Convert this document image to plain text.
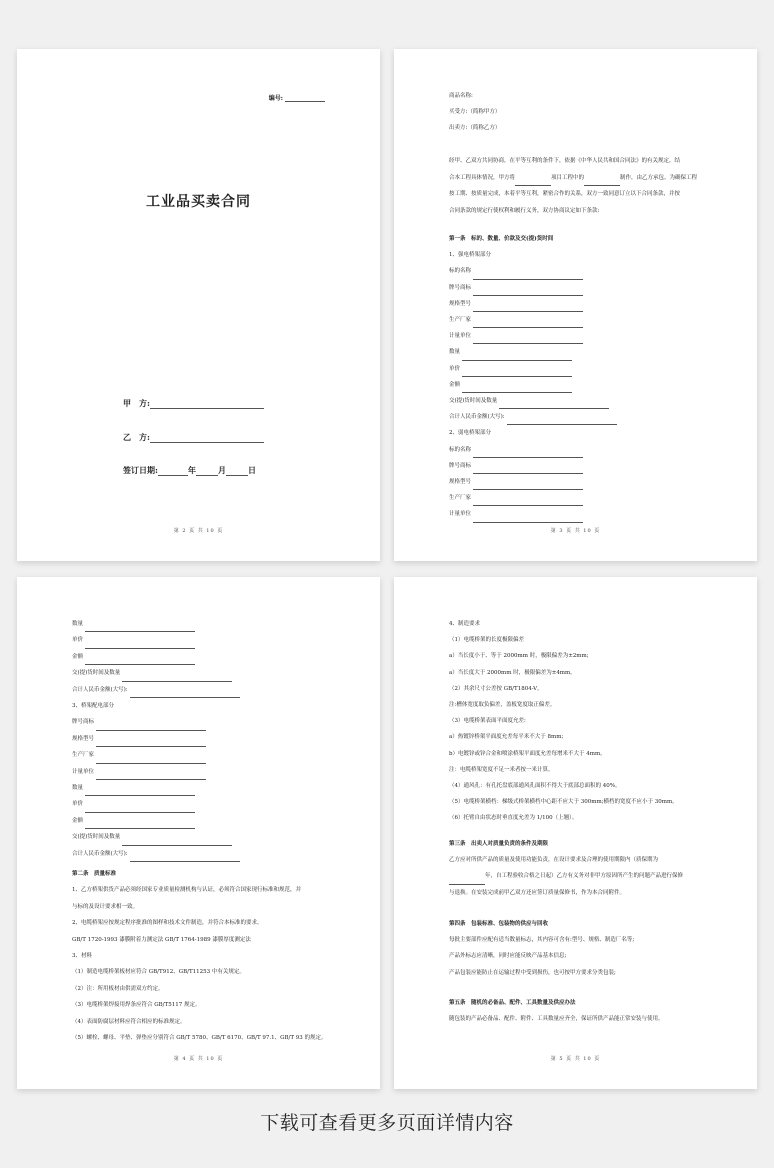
编号:
工业品买卖合同
甲　方:
乙　方:
签订日期:	年	月	日
第 2 页 共 10 页
商品名称:
买受方:（简称甲方）
出卖方:（简称乙方）
经甲、乙双方共同协商，在平等互利的条件下，依据《中华人民共和国合同法》的有关规定，结
合本工程具体情况，甲方将	项目工程中的	制作，由乙方承包。为确保工程
按工期、按质量完成，本着平等互利，紧密合作的关系，双方一致同意订立以下合同条款，并按
合同条款的规定行使权利和履行义务，双方协商议定如下条款:
第一条　标的、数量、价款及交(提)货时间
1、强电桥架部分
标的名称
牌号商标
规格型号
生产厂家
计量单位
数量
单价
金额
交(提)货时间及数量
合计人民币金额(大写):
2、弱电桥架部分
标的名称
牌号商标
规格型号
生产厂家
计量单位
第 3 页 共 10 页
数量
单价
金额
交(提)货时间及数量
合计人民币金额(大写):
3、桥架配电部分
牌号商标
规格型号
生产厂家
计量单位
数量
单价
金额
交(提)货时间及数量
合计人民币金额(大写):
第二条　质量标准
1、乙方桥架供货产品必须经国家专业质量检测机构与认证，必须符合国家现行标准和规范，并
与标的及设计要求相一致。
2、电缆桥架应按规定程序批准的图样和技术文件制造，并符合本标准的要求。
GB/T 1720-1993 漆膜附着力测定法 GB/T 1764-1989 漆膜厚度测定法
3、材料
（1）制造电缆桥架板材应符合 GB/T912、GB/T11253 中有关规定。
（2）注：所用板材由供需双方约定。
（3）电缆桥架焊接用焊条应符合 GB/T5117 规定。
（4）表面防腐层材料应符合相应的标准规定。
（5）螺栓、螺母、平垫、弹垫应分别符合 GB/T 5780、GB/T 6170、GB/T 97.1、GB/T 93 的规定。
第 4 页 共 10 页
4、制造要求
（1）电缆桥架的长度极限偏差
a）当长度小于、等于 2000mm 时，极限偏差为±2mm;
a）当长度大于 2000mm 时，极限偏差为±4mm。
（2）其余尺寸公差按 GB/T1804-V。
注:槽体宽度取负偏差，盖板宽度取正偏差。
（3）电缆桥架表面平面度允差:
a）热镀锌桥架平面度允差每平米不大于 8mm;
b）电镀锌或锌合金和喷涂桥架平面度允差每增米不大于 4mm。
注：电缆桥架宽度不足一米者按一米计算。
（4）通风孔：有孔托盘底部通风孔面积不得大于底部总面积的 40%。
（5）电缆桥架横档：梯级式桥架横档中心距不应大于 300mm;横档的宽度不应小于 30mm。
（6）托臂自由状态时垂直度允差为 1/100（上翘）。
第三条　出卖人对质量负责的条件及期限
乙方应对所供产品的质量及使用功能负责，在设计要求及合理的使用期限内（质保期为
年，自工程验收合格之日起）乙方有义务对非甲方原因所产生的问题产品进行保修
与退换。在安装完成前甲乙双方还应签订质量保修书，作为本合同附件。
第四条　包装标准、包装物的供应与回收
每批主要部件应配有适当数量标志，其内容可含有:型号、规格、制造厂名等;
产品外标志应清晰，同时应能反映产品基本信息;
产品包装应能防止在运输过程中受到损伤，也可按甲方要求分类包装;
第五条　随机的必备品、配件、工具数量及供应办法
随包装的产品必备品、配件、附件、工具数量应齐全，保证所供产品能正常安装与使用。
第 5 页 共 10 页
下载可查看更多页面详情内容
